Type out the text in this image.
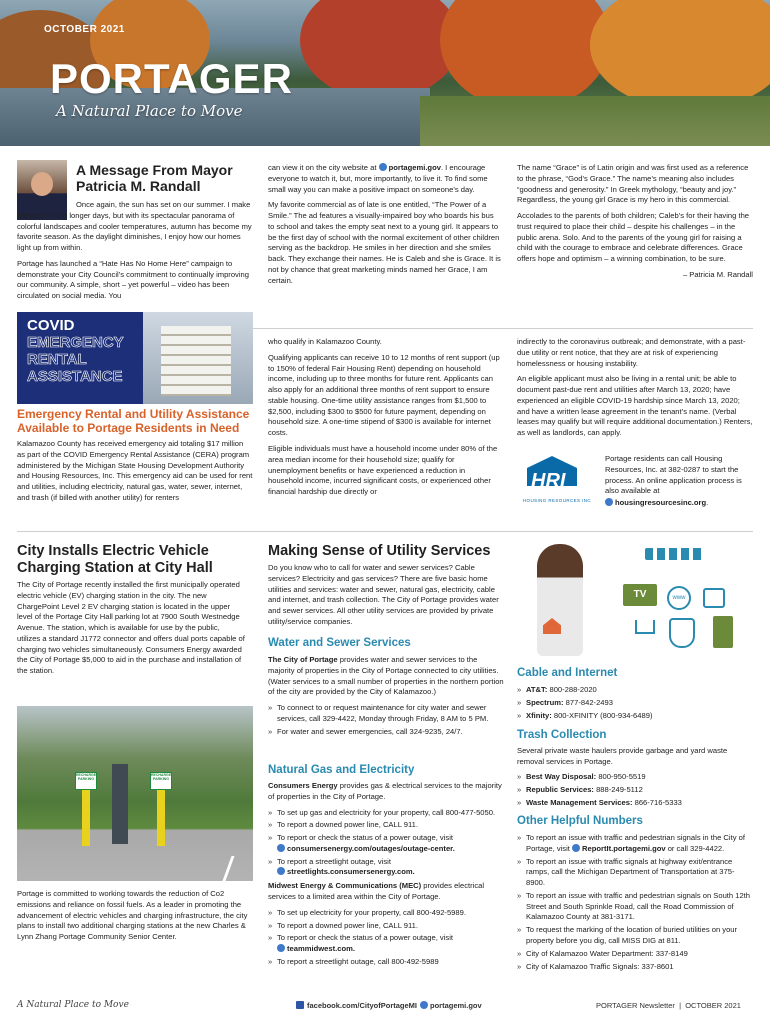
OCTOBER 2021
PORTAGER
A Natural Place to Move
A Message From Mayor Patricia M. Randall

Once again, the sun has set on our summer. I make the most of the longer days, but with its spectacular panorama of colorful landscapes and cooler temperatures, autumn has become my favorite season. As the daylight diminishes, I enjoy how our homes light up from within.

Portage has launched a “Hate Has No Home Here” campaign to demonstrate your City Council’s commitment to continually improving our community. A simple, short – yet powerful – video has been circulated on social media. You

can view it on the city website at portagemi.gov. I encourage everyone to watch it, but, more importantly, to live it. To find some small way you can make a positive impact on someone’s day.

My favorite commercial as of late is one entitled, “The Power of a Smile.” The ad features a visually-impaired boy who boards his bus to school and takes the empty seat next to a young girl. It appears to be the first day of school with the normal excitement of other children serving as the backdrop. He smiles in her direction and she smiles back. They exchange their names. He is Caleb and she is Grace. It is not by chance that great marketing minds named her Grace, I am certain.

The name “Grace” is of Latin origin and was first used as a reference to the phrase, “God’s Grace.” The name’s meaning also includes “goodness and generosity.” In Greek mythology, “beauty and joy.” Regardless, the young girl Grace is my hero in this commercial.

Accolades to the parents of both children; Caleb’s for their having the trust required to place their child – despite his challenges – in the public arena. Solo. And to the parents of the young girl for raising a child with the courage to embrace and celebrate differences. Grace offers hope and optimism – a winning combination, to be sure.

– Patricia M. Randall

COVID
EMERGENCY
RENTAL
ASSISTANCE
Emergency Rental and Utility Assistance Available to Portage Residents in Need

Kalamazoo County has received emergency aid totaling $17 million as part of the COVID Emergency Rental Assistance (CERA) program administered by the Michigan State Housing Development Authority and Housing Resources, Inc. This emergency aid can be used for rent and utilities, including electricity, natural gas, water, sewer, internet, and trash (if billed with another utility) for renters

who qualify in Kalamazoo County.

Qualifying applicants can receive 10 to 12 months of rent support (up to 150% of federal Fair Housing Rent) depending on household income, including up to three months for future rent. Applicants can also apply for an additional three months of rent support to ensure stable housing. One-time utility assistance ranges from $1,500 to $2,500, including $300 to $500 for future payment, depending on household size. A one-time stipend of $300 is available for internet costs.

Eligible individuals must have a household income under 80% of the area median income for their household size; qualify for unemployment benefits or have experienced a reduction in household income, incurred significant costs, or experienced other financial hardship due directly or

indirectly to the coronavirus outbreak; and demonstrate, with a past-due utility or rent notice, that they are at risk of experiencing homelessness or housing instability.

An eligible applicant must also be living in a rental unit; be able to document past-due rent and utilities after March 13, 2020; have experienced an eligible COVID-19 hardship since March 13, 2020; and have a written lease agreement in the tenant’s name. (Verbal leases may qualify but will require additional documentation.) Renters, as well as landlords, can apply.

HRI
HOUSING RESOURCES INC

Portage residents can call Housing Resources, Inc. at 382-0287 to start the process. An online application process is also available at

housingresourcesinc.org.

City Installs Electric Vehicle Charging Station at City Hall

The City of Portage recently installed the first municipally operated electric vehicle (EV) charging station in the city. The new ChargePoint Level 2 EV charging station is located in the upper level of the Portage City Hall parking lot at 7900 South Westnedge Avenue. The station, which is available for use by the public, utilizes a standard J1772 connector and offers dual ports capable of charging two vehicles simultaneously. Consumers Energy awarded the City of Portage $5,000 to aid in the purchase and installation of the station.

RECHARGE PARKING
RECHARGE PARKING

Portage is committed to working towards the reduction of Co2 emissions and reliance on fossil fuels. As a leader in promoting the advancement of electric vehicles and charging infrastructure, the city plans to install two additional charging stations at the new Charles & Lynn Zhang Portage Community Senior Center.

Making Sense of Utility Services

Do you know who to call for water and sewer services? Cable services? Electricity and gas services? There are five basic home utilities and services: water and sewer, natural gas, electricity, cable and internet, and trash collection. The City of Portage provides water and sewer services. All other utility services are provided by private utility/service companies.

Water and Sewer Services

The City of Portage provides water and sewer services to the majority of properties in the City of Portage connected to city utilities. (Water services to a small number of properties in the northern portion of the city are provided by the City of Kalamazoo.)

» To connect to or request maintenance for city water and sewer services, call 329-4422, Monday through Friday, 8 AM to 5 PM.
» For water and sewer emergencies, call 324-9235, 24/7.
Natural Gas and Electricity

Consumers Energy provides gas & electrical services to the majority of properties in the City of Portage.

» To set up gas and electricity for your property, call 800-477-5050.
» To report a downed power line, CALL 911.
» To report or check the status of a power outage, visit
consumersenergy.com/outages/outage-center.
» To report a streetlight outage, visit
streetlights.consumersenergy.com.

Midwest Energy & Communications (MEC) provides electrical services to a limited area within the City of Portage.

» To set up electricity for your property, call 800-492-5989.
» To report a downed power line, CALL 911.
» To report or check the status of a power outage, visit
teammidwest.com.
» To report a streetlight outage, call 800-492-5989
TV	www
Cable and Internet
» AT&T: 800-288-2020
» Spectrum: 877-842-2493
» Xfinity: 800-XFINITY (800-934-6489)
Trash Collection

Several private waste haulers provide garbage and yard waste removal services in Portage.

» Best Way Disposal: 800-950-5519
» Republic Services: 888-249-5112
» Waste Management Services: 866-716-5333
Other Helpful Numbers
» To report an issue with traffic and pedestrian signals in the City of Portage, visit ReportIt.portagemi.gov or call 329-4422.
» To report an issue with traffic signals at highway exit/entrance ramps, call the Michigan Department of Transportation at 375-8900.
» To report an issue with traffic and pedestrian signals on South 12th Street and South Sprinkle Road, call the Road Commission of Kalamazoo County at 381-3171.
» To request the marking of the location of buried utilities on your property before you dig, call MISS DIG at 811.
» City of Kalamazoo Water Department: 337-8149
» City of Kalamazoo Traffic Signals: 337-8601
A Natural Place to Move	facebook.com/CityofPortageMI	portagemi.gov	PORTAGER Newsletter  |  OCTOBER 2021
